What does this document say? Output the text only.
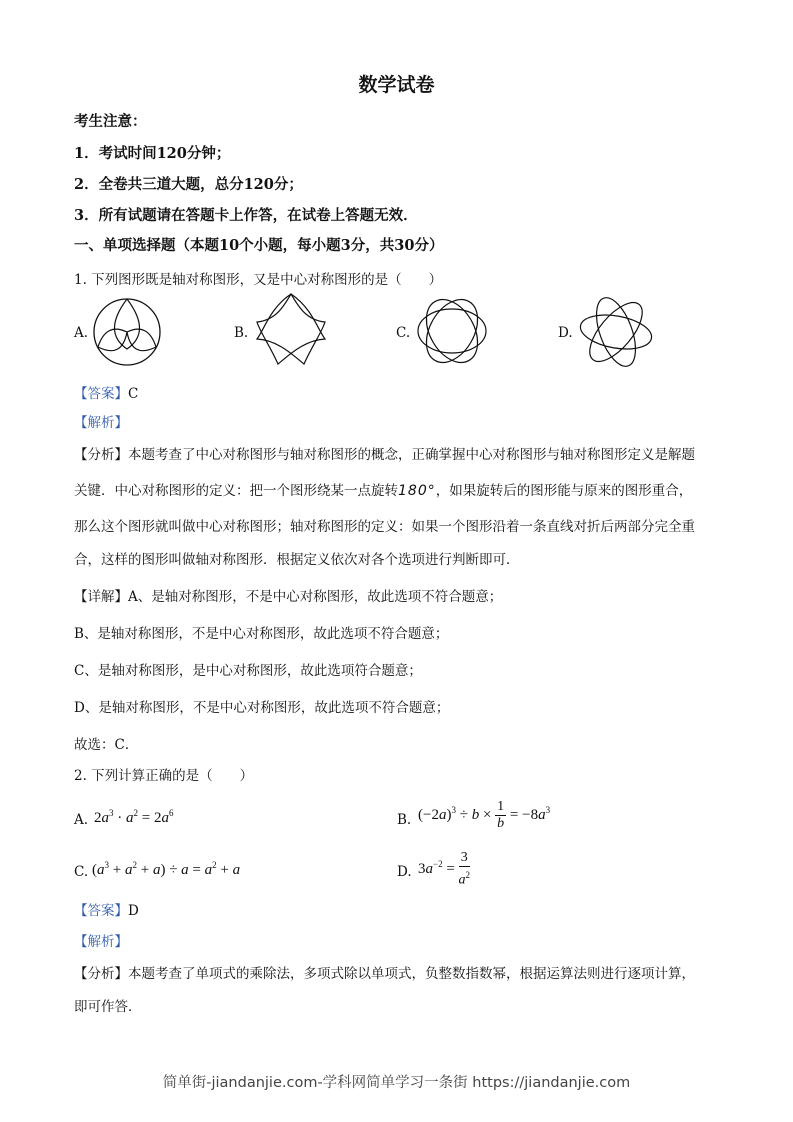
数学试卷
考生注意：
1．考试时间120分钟；
2．全卷共三道大题，总分120分；
3．所有试题请在答题卡上作答，在试卷上答题无效．
一、单项选择题（本题10个小题，每小题3分，共30分）
1. 下列图形既是轴对称图形，又是中心对称图形的是（　　）
A.	B.	C.	D.
【答案】C
【解析】
【分析】本题考查了中心对称图形与轴对称图形的概念，正确掌握中心对称图形与轴对称图形定义是解题
关键．中心对称图形的定义：把一个图形绕某一点旋转180°，如果旋转后的图形能与原来的图形重合，
那么这个图形就叫做中心对称图形；轴对称图形的定义：如果一个图形沿着一条直线对折后两部分完全重
合，这样的图形叫做轴对称图形．根据定义依次对各个选项进行判断即可．
【详解】A、是轴对称图形，不是中心对称图形，故此选项不符合题意；
B、是轴对称图形，不是中心对称图形，故此选项不符合题意；
C、是轴对称图形，是中心对称图形，故此选项符合题意；
D、是轴对称图形，不是中心对称图形，故此选项不符合题意；
故选：C．
2. 下列计算正确的是（　　）
A. $2a^3 \cdot a^2 = 2a^6$	B. $(-2a)^3 \div b \times \frac{1}{b} = -8a^3$
C. $(a^3 + a^2 + a) \div a = a^2 + a$	D. $3a^{-2} = \frac{3}{a^2}$
【答案】D
【解析】
【分析】本题考查了单项式的乘除法，多项式除以单项式，负整数指数幂，根据运算法则进行逐项计算，
即可作答．
简单街-jiandanjie.com-学科网简单学习一条街 https://jiandanjie.com
